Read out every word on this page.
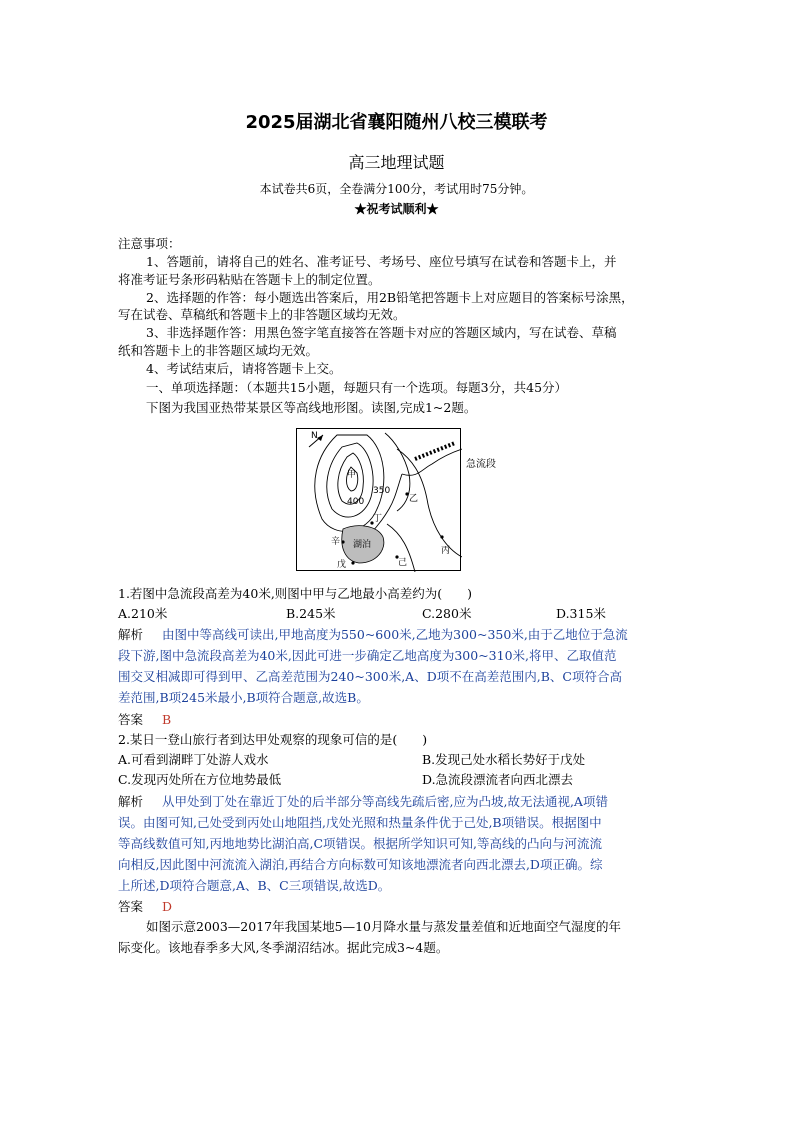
2025届湖北省襄阳随州八校三模联考
高三地理试题
本试卷共6页，全卷满分100分，考试用时75分钟。
★祝考试顺利★
注意事项：
1、答题前，请将自己的姓名、准考证号、考场号、座位号填写在试卷和答题卡上，并
将准考证号条形码粘贴在答题卡上的制定位置。
2、选择题的作答：每小题选出答案后，用2B铅笔把答题卡上对应题目的答案标号涂黑，
写在试卷、草稿纸和答题卡上的非答题区域均无效。
3、非选择题作答：用黑色签字笔直接答在答题卡对应的答题区域内，写在试卷、草稿
纸和答题卡上的非答题区域均无效。
4、考试结束后，请将答题卡上交。
一、单项选择题：（本题共15小题，每题只有一个选项。每题3分，共45分）
下图为我国亚热带某景区等高线地形图。读图,完成1~2题。
N
甲
乙
丙
丁
辛
戊	己
湖泊
350
400
急流段
1.若图中急流段高差为40米,则图中甲与乙地最小高差约为(　　)
A.210米	B.245米	C.280米	D.315米
解析 由图中等高线可读出,甲地高度为550~600米,乙地为300~350米,由于乙地位于急流
段下游,图中急流段高差为40米,因此可进一步确定乙地高度为300~310米,将甲、乙取值范
围交叉相减即可得到甲、乙高差范围为240~300米,A、D项不在高差范围内,B、C项符合高
差范围,B项245米最小,B项符合题意,故选B。
答案 B
2.某日一登山旅行者到达甲处观察的现象可信的是(　　)
A.可看到湖畔丁处游人戏水	B.发现己处水稻长势好于戊处
C.发现丙处所在方位地势最低	D.急流段漂流者向西北漂去
解析 从甲处到丁处在靠近丁处的后半部分等高线先疏后密,应为凸坡,故无法通视,A项错
误。由图可知,己处受到丙处山地阻挡,戊处光照和热量条件优于己处,B项错误。根据图中
等高线数值可知,丙地地势比湖泊高,C项错误。根据所学知识可知,等高线的凸向与河流流
向相反,因此图中河流流入湖泊,再结合方向标数可知该地漂流者向西北漂去,D项正确。综
上所述,D项符合题意,A、B、C三项错误,故选D。
答案 D
如图示意2003—2017年我国某地5—10月降水量与蒸发量差值和近地面空气湿度的年
际变化。该地春季多大风,冬季湖沼结冰。据此完成3~4题。
